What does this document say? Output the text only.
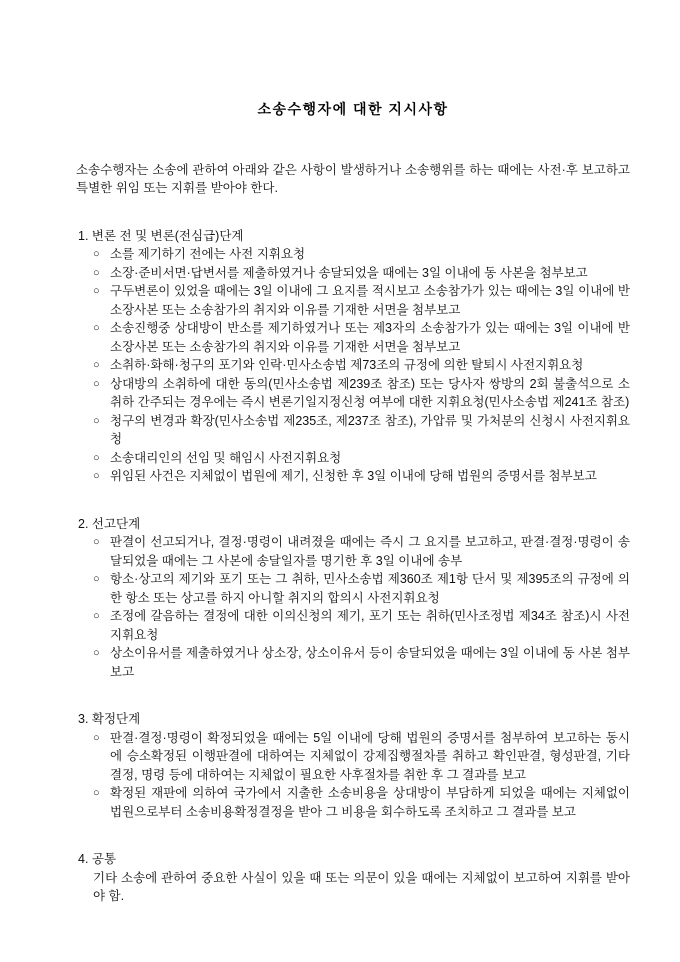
소송수행자에 대한 지시사항

소송수행자는 소송에 관하여 아래와 같은 사항이 발생하거나 소송행위를 하는 때에는 사전·후 보고하고 특별한 위임 또는 지휘를 받아야 한다.

1. 변론 전 및 변론(전심급)단계
○ 소를 제기하기 전에는 사전 지휘요청
○ 소장·준비서면·답변서를 제출하였거나 송달되었을 때에는 3일 이내에 동 사본을 첨부보고
○ 구두변론이 있었을 때에는 3일 이내에 그 요지를 적시보고 소송참가가 있는 때에는 3일 이내에 반소장사본 또는 소송참가의 취지와 이유를 기재한 서면을 첨부보고
○ 소송진행중 상대방이 반소를 제기하였거나 또는 제3자의 소송참가가 있는 때에는 3일 이내에 반소장사본 또는 소송참가의 취지와 이유를 기재한 서면을 첨부보고
○ 소취하·화해·청구의 포기와 인락·민사소송법 제73조의 규정에 의한 탈퇴시 사전지휘요청
○ 상대방의 소취하에 대한 동의(민사소송법 제239조 참조) 또는 당사자 쌍방의 2회 불출석으로 소취하 간주되는 경우에는 즉시 변론기일지정신청 여부에 대한 지휘요청(민사소송법 제241조 참조)
○ 청구의 변경과 확장(민사소송법 제235조, 제237조 참조), 가압류 및 가처분의 신청시 사전지휘요청
○ 소송대리인의 선임 및 해임시 사전지휘요청
○ 위임된 사건은 지체없이 법원에 제기, 신청한 후 3일 이내에 당해 법원의 증명서를 첨부보고
2. 선고단계
○ 판결이 선고되거나, 결정·명령이 내려졌을 때에는 즉시 그 요지를 보고하고, 판결·결정·명령이 송달되었을 때에는 그 사본에 송달일자를 명기한 후 3일 이내에 송부
○ 항소·상고의 제기와 포기 또는 그 취하, 민사소송법 제360조 제1항 단서 및 제395조의 규정에 의한 항소 또는 상고를 하지 아니할 취지의 합의시 사전지휘요청
○ 조정에 갈음하는 결정에 대한 이의신청의 제기, 포기 또는 취하(민사조정법 제34조 참조)시 사전지휘요청
○ 상소이유서를 제출하였거나 상소장, 상소이유서 등이 송달되었을 때에는 3일 이내에 동 사본 첨부보고
3. 확정단계
○ 판결·결정·명령이 확정되었을 때에는 5일 이내에 당해 법원의 증명서를 첨부하여 보고하는 동시에 승소확정된 이행판결에 대하여는 지체없이 강제집행절차를 취하고 확인판결, 형성판결, 기타 결정, 명령 등에 대하여는 지체없이 필요한 사후절차를 취한 후 그 결과를 보고
○ 확정된 재판에 의하여 국가에서 지출한 소송비용을 상대방이 부담하게 되었을 때에는 지체없이 법원으로부터 소송비용확정결정을 받아 그 비용을 회수하도록 조치하고 그 결과를 보고
4. 공통

기타 소송에 관하여 중요한 사실이 있을 때 또는 의문이 있을 때에는 지체없이 보고하여 지휘를 받아야 함.
